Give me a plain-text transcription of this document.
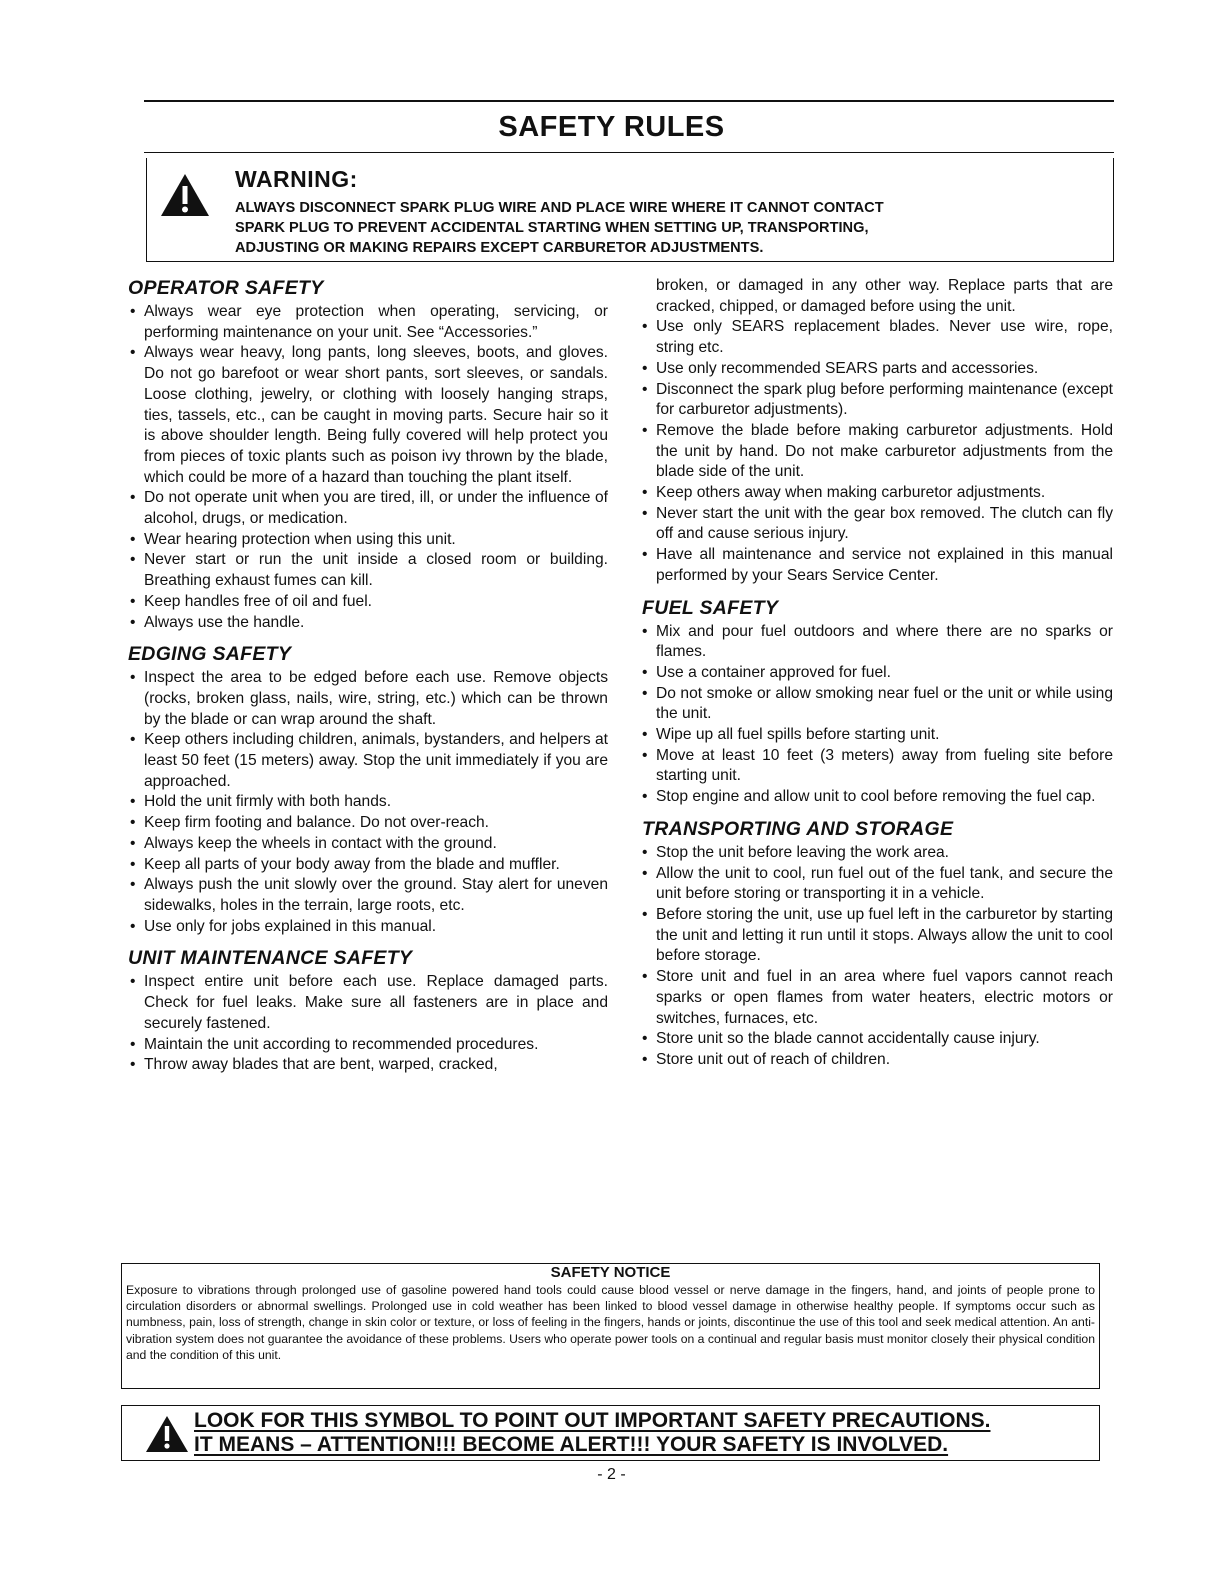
SAFETY RULES
WARNING:
ALWAYS DISCONNECT SPARK PLUG WIRE AND PLACE WIRE WHERE IT CANNOT CONTACT
SPARK PLUG TO PREVENT ACCIDENTAL STARTING WHEN SETTING UP, TRANSPORTING,
ADJUSTING OR MAKING REPAIRS EXCEPT CARBURETOR ADJUSTMENTS.
OPERATOR SAFETY
• Always wear eye protection when operating, servicing, or performing maintenance on your unit. See “Accessories.”
• Always wear heavy, long pants, long sleeves, boots, and gloves. Do not go barefoot or wear short pants, sort sleeves, or sandals. Loose clothing, jewelry, or clothing with loosely hanging straps, ties, tassels, etc., can be caught in moving parts. Secure hair so it is above shoulder length. Being fully covered will help protect you from pieces of toxic plants such as poison ivy thrown by the blade, which could be more of a hazard than touching the plant itself.
• Do not operate unit when you are tired, ill, or under the influence of alcohol, drugs, or medication.
• Wear hearing protection when using this unit.
• Never start or run the unit inside a closed room or building. Breathing exhaust fumes can kill.
• Keep handles free of oil and fuel.
• Always use the handle.
EDGING SAFETY
• Inspect the area to be edged before each use. Remove objects (rocks, broken glass, nails, wire, string, etc.) which can be thrown by the blade or can wrap around the shaft.
• Keep others including children, animals, bystanders, and helpers at least 50 feet (15 meters) away. Stop the unit immediately if you are approached.
• Hold the unit firmly with both hands.
• Keep firm footing and balance. Do not over-reach.
• Always keep the wheels in contact with the ground.
• Keep all parts of your body away from the blade and muffler.
• Always push the unit slowly over the ground. Stay alert for uneven sidewalks, holes in the terrain, large roots, etc.
• Use only for jobs explained in this manual.
UNIT MAINTENANCE SAFETY
• Inspect entire unit before each use. Replace damaged parts. Check for fuel leaks. Make sure all fasteners are in place and securely fastened.
• Maintain the unit according to recommended procedures.
• Throw away blades that are bent, warped, cracked,
broken, or damaged in any other way. Replace parts that are cracked, chipped, or damaged before using the unit.
• Use only SEARS replacement blades. Never use wire, rope, string etc.
• Use only recommended SEARS parts and accessories.
• Disconnect the spark plug before performing maintenance (except for carburetor adjustments).
• Remove the blade before making carburetor adjustments. Hold the unit by hand. Do not make carburetor adjustments from the blade side of the unit.
• Keep others away when making carburetor adjustments.
• Never start the unit with the gear box removed. The clutch can fly off and cause serious injury.
• Have all maintenance and service not explained in this manual performed by your Sears Service Center.
FUEL SAFETY
• Mix and pour fuel outdoors and where there are no sparks or flames.
• Use a container approved for fuel.
• Do not smoke or allow smoking near fuel or the unit or while using the unit.
• Wipe up all fuel spills before starting unit.
• Move at least 10 feet (3 meters) away from fueling site before starting unit.
• Stop engine and allow unit to cool before removing the fuel cap.
TRANSPORTING AND STORAGE
• Stop the unit before leaving the work area.
• Allow the unit to cool, run fuel out of the fuel tank, and secure the unit before storing or transporting it in a vehicle.
• Before storing the unit, use up fuel left in the carburetor by starting the unit and letting it run until it stops. Always allow the unit to cool before storage.
• Store unit and fuel in an area where fuel vapors cannot reach sparks or open flames from water heaters, electric motors or switches, furnaces, etc.
• Store unit so the blade cannot accidentally cause injury.
• Store unit out of reach of children.
SAFETY NOTICE
Exposure to vibrations through prolonged use of gasoline powered hand tools could cause blood vessel or nerve damage in the fingers, hand, and joints of people prone to circulation disorders or abnormal swellings. Prolonged use in cold weather has been linked to blood vessel damage in otherwise healthy people. If symptoms occur such as numbness, pain, loss of strength, change in skin color or texture, or loss of feeling in the fingers, hands or joints, discontinue the use of this tool and seek medical attention. An anti-vibration system does not guarantee the avoidance of these problems. Users who operate power tools on a continual and regular basis must monitor closely their physical condition and the condition of this unit.
LOOK FOR THIS SYMBOL TO POINT OUT IMPORTANT SAFETY PRECAUTIONS.
IT MEANS – ATTENTION!!! BECOME ALERT!!! YOUR SAFETY IS INVOLVED.
- 2 -
